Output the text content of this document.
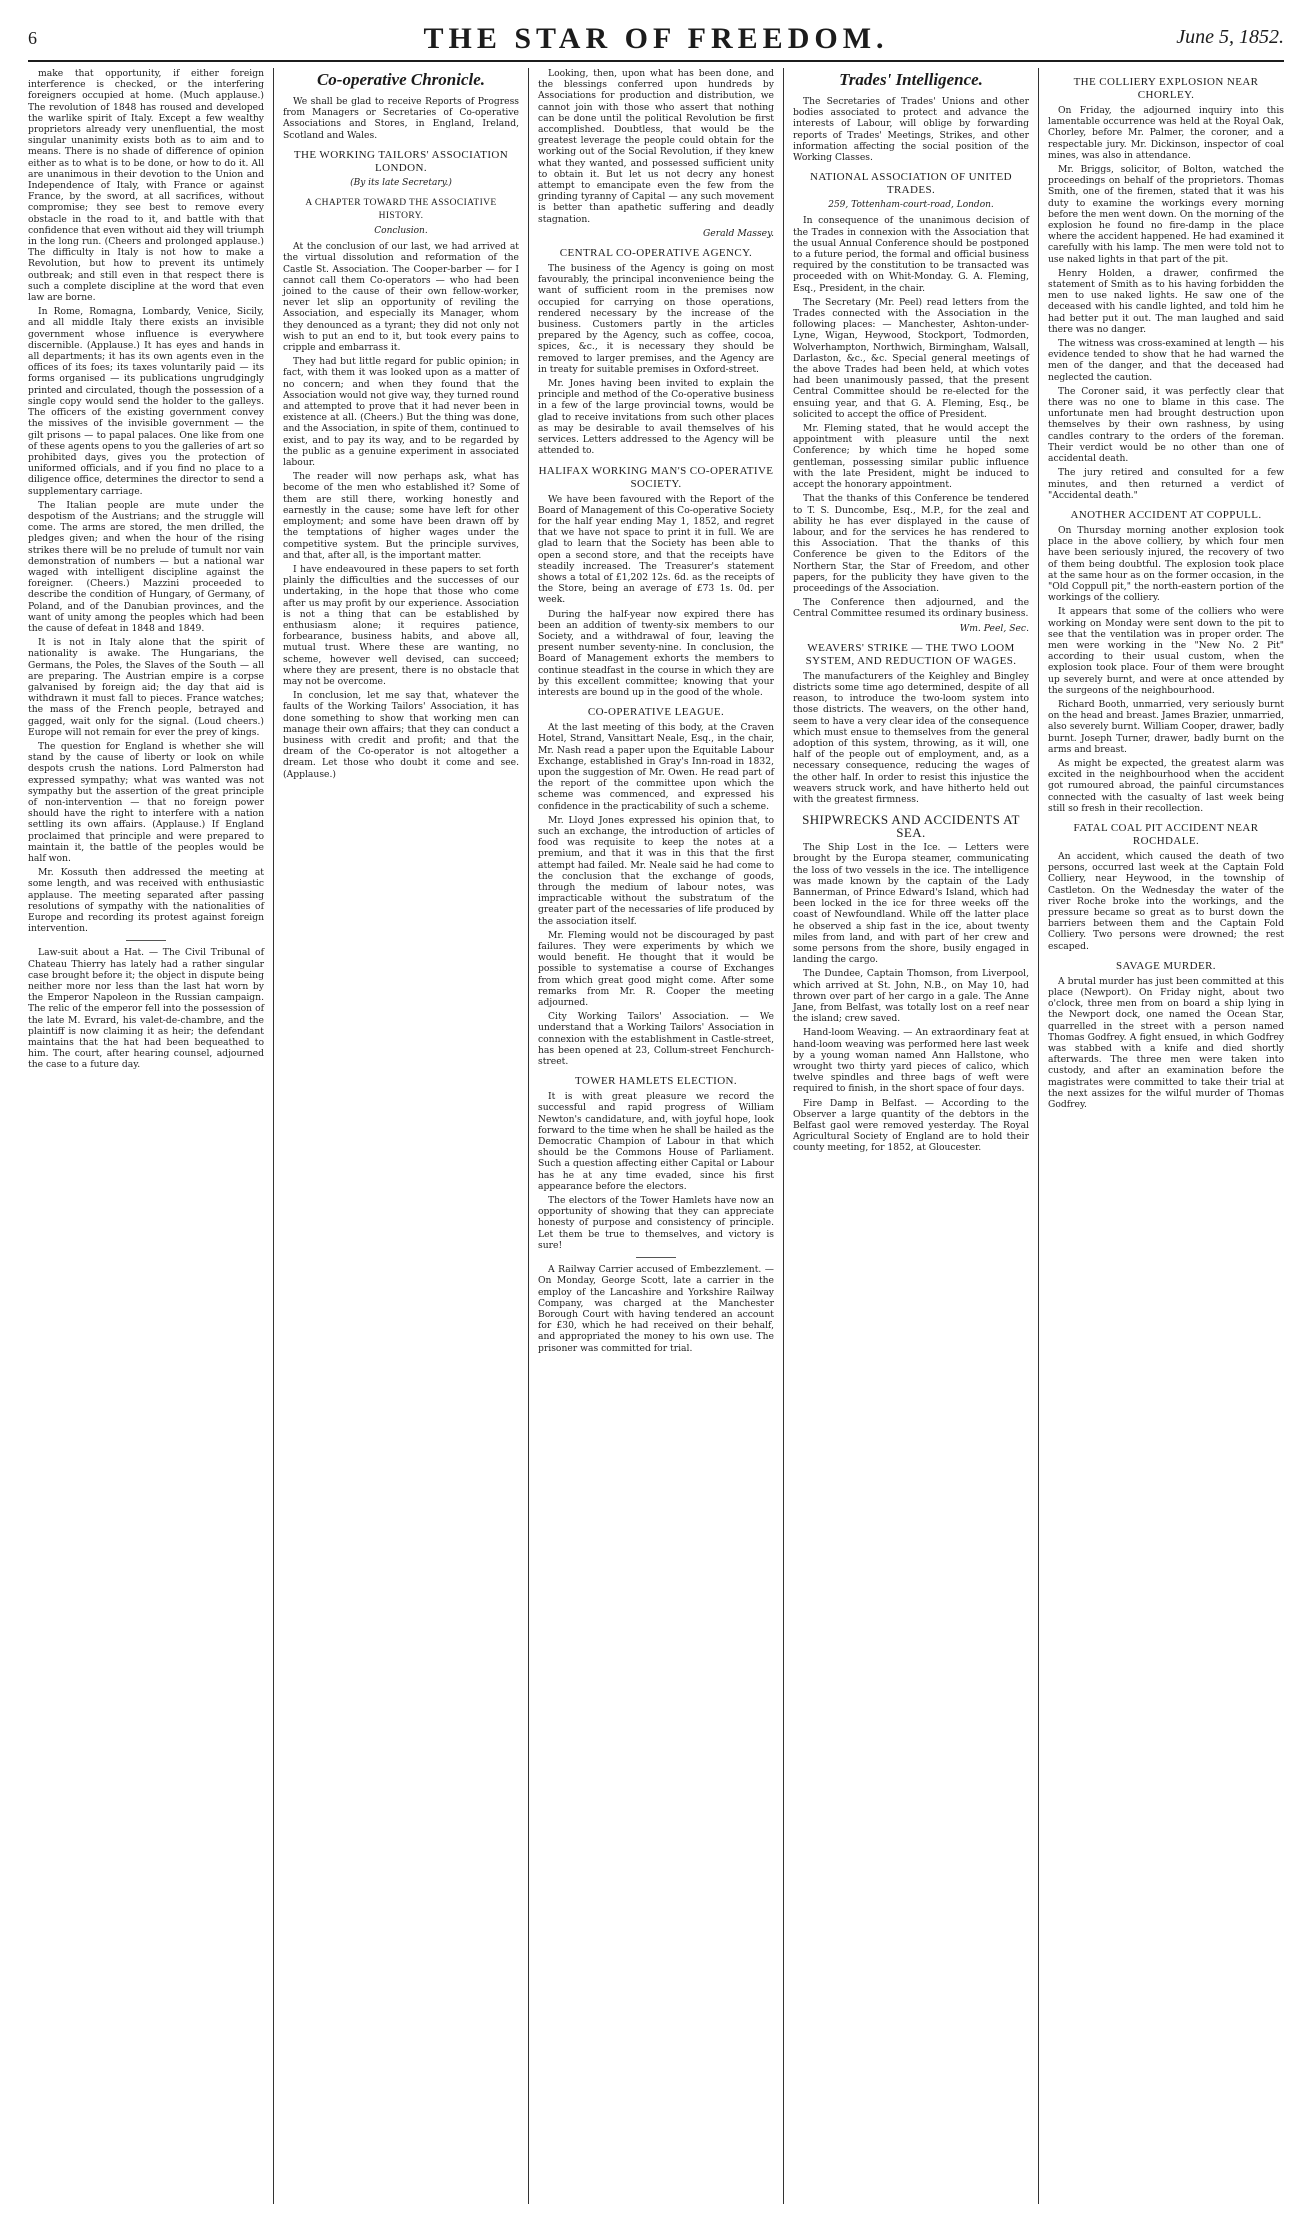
6	THE STAR OF FREEDOM.	June 5, 1852.

make that opportunity, if either foreign interference is checked, or the interfering foreigners occupied at home. (Much applause.) The revolution of 1848 has roused and developed the warlike spirit of Italy. Except a few wealthy proprietors already very unenfluential, the most singular unanimity exists both as to aim and to means. There is no shade of difference of opinion either as to what is to be done, or how to do it. All are unanimous in their devotion to the Union and Independence of Italy, with France or against France, by the sword, at all sacrifices, without compromise; they see best to remove every obstacle in the road to it, and battle with that confidence that even without aid they will triumph in the long run. (Cheers and prolonged applause.) The difficulty in Italy is not how to make a Revolution, but how to prevent its untimely outbreak; and still even in that respect there is such a complete discipline at the word that even law are borne.

In Rome, Romagna, Lombardy, Venice, Sicily, and all middle Italy there exists an invisible government whose influence is everywhere discernible. (Applause.) It has eyes and hands in all departments; it has its own agents even in the offices of its foes; its taxes voluntarily paid — its forms organised — its publications ungrudgingly printed and circulated, though the possession of a single copy would send the holder to the galleys. The officers of the existing government convey the missives of the invisible government — the gilt prisons — to papal palaces. One like from one of these agents opens to you the galleries of art so prohibited days, gives you the protection of uniformed officials, and if you find no place to a diligence office, determines the director to send a supplementary carriage.

The Italian people are mute under the despotism of the Austrians; and the struggle will come. The arms are stored, the men drilled, the pledges given; and when the hour of the rising strikes there will be no prelude of tumult nor vain demonstration of numbers — but a national war waged with intelligent discipline against the foreigner. (Cheers.) Mazzini proceeded to describe the condition of Hungary, of Germany, of Poland, and of the Danubian provinces, and the want of unity among the peoples which had been the cause of defeat in 1848 and 1849.

It is not in Italy alone that the spirit of nationality is awake. The Hungarians, the Germans, the Poles, the Slaves of the South — all are preparing. The Austrian empire is a corpse galvanised by foreign aid; the day that aid is withdrawn it must fall to pieces. France watches; the mass of the French people, betrayed and gagged, wait only for the signal. (Loud cheers.) Europe will not remain for ever the prey of kings.

The question for England is whether she will stand by the cause of liberty or look on while despots crush the nations. Lord Palmerston had expressed sympathy; what was wanted was not sympathy but the assertion of the great principle of non-intervention — that no foreign power should have the right to interfere with a nation settling its own affairs. (Applause.) If England proclaimed that principle and were prepared to maintain it, the battle of the peoples would be half won.

Mr. Kossuth then addressed the meeting at some length, and was received with enthusiastic applause. The meeting separated after passing resolutions of sympathy with the nationalities of Europe and recording its protest against foreign intervention.

Law-suit about a Hat. — The Civil Tribunal of Chateau Thierry has lately had a rather singular case brought before it; the object in dispute being neither more nor less than the last hat worn by the Emperor Napoleon in the Russian campaign. The relic of the emperor fell into the possession of the late M. Evrard, his valet-de-chambre, and the plaintiff is now claiming it as heir; the defendant maintains that the hat had been bequeathed to him. The court, after hearing counsel, adjourned the case to a future day.

Co-operative Chronicle.

We shall be glad to receive Reports of Progress from Managers or Secretaries of Co-operative Associations and Stores, in England, Ireland, Scotland and Wales.

THE WORKING TAILORS' ASSOCIATION LONDON.
(By its late Secretary.)
A CHAPTER TOWARD THE ASSOCIATIVE HISTORY.
Conclusion.

At the conclusion of our last, we had arrived at the virtual dissolution and reformation of the Castle St. Association. The Cooper-barber — for I cannot call them Co-operators — who had been joined to the cause of their own fellow-worker, never let slip an opportunity of reviling the Association, and especially its Manager, whom they denounced as a tyrant; they did not only not wish to put an end to it, but took every pains to cripple and embarrass it.

They had but little regard for public opinion; in fact, with them it was looked upon as a matter of no concern; and when they found that the Association would not give way, they turned round and attempted to prove that it had never been in existence at all. (Cheers.) But the thing was done, and the Association, in spite of them, continued to exist, and to pay its way, and to be regarded by the public as a genuine experiment in associated labour.

The reader will now perhaps ask, what has become of the men who established it? Some of them are still there, working honestly and earnestly in the cause; some have left for other employment; and some have been drawn off by the temptations of higher wages under the competitive system. But the principle survives, and that, after all, is the important matter.

I have endeavoured in these papers to set forth plainly the difficulties and the successes of our undertaking, in the hope that those who come after us may profit by our experience. Association is not a thing that can be established by enthusiasm alone; it requires patience, forbearance, business habits, and above all, mutual trust. Where these are wanting, no scheme, however well devised, can succeed; where they are present, there is no obstacle that may not be overcome.

In conclusion, let me say that, whatever the faults of the Working Tailors' Association, it has done something to show that working men can manage their own affairs; that they can conduct a business with credit and profit; and that the dream of the Co-operator is not altogether a dream. Let those who doubt it come and see. (Applause.)

Looking, then, upon what has been done, and the blessings conferred upon hundreds by Associations for production and distribution, we cannot join with those who assert that nothing can be done until the political Revolution be first accomplished. Doubtless, that would be the greatest leverage the people could obtain for the working out of the Social Revolution, if they knew what they wanted, and possessed sufficient unity to obtain it. But let us not decry any honest attempt to emancipate even the few from the grinding tyranny of Capital — any such movement is better than apathetic suffering and deadly stagnation.

Gerald Massey.
CENTRAL CO-OPERATIVE AGENCY.

The business of the Agency is going on most favourably, the principal inconvenience being the want of sufficient room in the premises now occupied for carrying on those operations, rendered necessary by the increase of the business. Customers partly in the articles prepared by the Agency, such as coffee, cocoa, spices, &c., it is necessary they should be removed to larger premises, and the Agency are in treaty for suitable premises in Oxford-street.

Mr. Jones having been invited to explain the principle and method of the Co-operative business in a few of the large provincial towns, would be glad to receive invitations from such other places as may be desirable to avail themselves of his services. Letters addressed to the Agency will be attended to.

HALIFAX WORKING MAN'S CO-OPERATIVE SOCIETY.

We have been favoured with the Report of the Board of Management of this Co-operative Society for the half year ending May 1, 1852, and regret that we have not space to print it in full. We are glad to learn that the Society has been able to open a second store, and that the receipts have steadily increased. The Treasurer's statement shows a total of £1,202 12s. 6d. as the receipts of the Store, being an average of £73 1s. 0d. per week.

During the half-year now expired there has been an addition of twenty-six members to our Society, and a withdrawal of four, leaving the present number seventy-nine. In conclusion, the Board of Management exhorts the members to continue steadfast in the course in which they are by this excellent committee; knowing that your interests are bound up in the good of the whole.

CO-OPERATIVE LEAGUE.

At the last meeting of this body, at the Craven Hotel, Strand, Vansittart Neale, Esq., in the chair, Mr. Nash read a paper upon the Equitable Labour Exchange, established in Gray's Inn-road in 1832, upon the suggestion of Mr. Owen. He read part of the report of the committee upon which the scheme was commenced, and expressed his confidence in the practicability of such a scheme.

Mr. Lloyd Jones expressed his opinion that, to such an exchange, the introduction of articles of food was requisite to keep the notes at a premium, and that it was in this that the first attempt had failed. Mr. Neale said he had come to the conclusion that the exchange of goods, through the medium of labour notes, was impracticable without the substratum of the greater part of the necessaries of life produced by the association itself.

Mr. Fleming would not be discouraged by past failures. They were experiments by which we would benefit. He thought that it would be possible to systematise a course of Exchanges from which great good might come. After some remarks from Mr. R. Cooper the meeting adjourned.

City Working Tailors' Association. — We understand that a Working Tailors' Association in connexion with the establishment in Castle-street, has been opened at 23, Collum-street Fenchurch-street.

TOWER HAMLETS ELECTION.

It is with great pleasure we record the successful and rapid progress of William Newton's candidature, and, with joyful hope, look forward to the time when he shall be hailed as the Democratic Champion of Labour in that which should be the Commons House of Parliament. Such a question affecting either Capital or Labour has he at any time evaded, since his first appearance before the electors.

The electors of the Tower Hamlets have now an opportunity of showing that they can appreciate honesty of purpose and consistency of principle. Let them be true to themselves, and victory is sure!

A Railway Carrier accused of Embezzlement. — On Monday, George Scott, late a carrier in the employ of the Lancashire and Yorkshire Railway Company, was charged at the Manchester Borough Court with having tendered an account for £30, which he had received on their behalf, and appropriated the money to his own use. The prisoner was committed for trial.

Trades' Intelligence.

The Secretaries of Trades' Unions and other bodies associated to protect and advance the interests of Labour, will oblige by forwarding reports of Trades' Meetings, Strikes, and other information affecting the social position of the Working Classes.

NATIONAL ASSOCIATION OF UNITED TRADES.
259, Tottenham-court-road, London.

In consequence of the unanimous decision of the Trades in connexion with the Association that the usual Annual Conference should be postponed to a future period, the formal and official business required by the constitution to be transacted was proceeded with on Whit-Monday. G. A. Fleming, Esq., President, in the chair.

The Secretary (Mr. Peel) read letters from the Trades connected with the Association in the following places: — Manchester, Ashton-under-Lyne, Wigan, Heywood, Stockport, Todmorden, Wolverhampton, Northwich, Birmingham, Walsall, Darlaston, &c., &c. Special general meetings of the above Trades had been held, at which votes had been unanimously passed, that the present Central Committee should be re-elected for the ensuing year, and that G. A. Fleming, Esq., be solicited to accept the office of President.

Mr. Fleming stated, that he would accept the appointment with pleasure until the next Conference; by which time he hoped some gentleman, possessing similar public influence with the late President, might be induced to accept the honorary appointment.

That the thanks of this Conference be tendered to T. S. Duncombe, Esq., M.P., for the zeal and ability he has ever displayed in the cause of labour, and for the services he has rendered to this Association. That the thanks of this Conference be given to the Editors of the Northern Star, the Star of Freedom, and other papers, for the publicity they have given to the proceedings of the Association.

The Conference then adjourned, and the Central Committee resumed its ordinary business.

Wm. Peel, Sec.
WEAVERS' STRIKE — THE TWO LOOM SYSTEM, AND REDUCTION OF WAGES.

The manufacturers of the Keighley and Bingley districts some time ago determined, despite of all reason, to introduce the two-loom system into those districts. The weavers, on the other hand, seem to have a very clear idea of the consequence which must ensue to themselves from the general adoption of this system, throwing, as it will, one half of the people out of employment, and, as a necessary consequence, reducing the wages of the other half. In order to resist this injustice the weavers struck work, and have hitherto held out with the greatest firmness.

SHIPWRECKS AND ACCIDENTS AT SEA.

The Ship Lost in the Ice. — Letters were brought by the Europa steamer, communicating the loss of two vessels in the ice. The intelligence was made known by the captain of the Lady Bannerman, of Prince Edward's Island, which had been locked in the ice for three weeks off the coast of Newfoundland. While off the latter place he observed a ship fast in the ice, about twenty miles from land, and with part of her crew and some persons from the shore, busily engaged in landing the cargo.

The Dundee, Captain Thomson, from Liverpool, which arrived at St. John, N.B., on May 10, had thrown over part of her cargo in a gale. The Anne Jane, from Belfast, was totally lost on a reef near the island; crew saved.

Hand-loom Weaving. — An extraordinary feat at hand-loom weaving was performed here last week by a young woman named Ann Hallstone, who wrought two thirty yard pieces of calico, which twelve spindles and three bags of weft were required to finish, in the short space of four days.

Fire Damp in Belfast. — According to the Observer a large quantity of the debtors in the Belfast gaol were removed yesterday. The Royal Agricultural Society of England are to hold their county meeting, for 1852, at Gloucester.

THE COLLIERY EXPLOSION NEAR CHORLEY.

On Friday, the adjourned inquiry into this lamentable occurrence was held at the Royal Oak, Chorley, before Mr. Palmer, the coroner, and a respectable jury. Mr. Dickinson, inspector of coal mines, was also in attendance.

Mr. Briggs, solicitor, of Bolton, watched the proceedings on behalf of the proprietors. Thomas Smith, one of the firemen, stated that it was his duty to examine the workings every morning before the men went down. On the morning of the explosion he found no fire-damp in the place where the accident happened. He had examined it carefully with his lamp. The men were told not to use naked lights in that part of the pit.

Henry Holden, a drawer, confirmed the statement of Smith as to his having forbidden the men to use naked lights. He saw one of the deceased with his candle lighted, and told him he had better put it out. The man laughed and said there was no danger.

The witness was cross-examined at length — his evidence tended to show that he had warned the men of the danger, and that the deceased had neglected the caution.

The Coroner said, it was perfectly clear that there was no one to blame in this case. The unfortunate men had brought destruction upon themselves by their own rashness, by using candles contrary to the orders of the foreman. Their verdict would be no other than one of accidental death.

The jury retired and consulted for a few minutes, and then returned a verdict of "Accidental death."

ANOTHER ACCIDENT AT COPPULL.

On Thursday morning another explosion took place in the above colliery, by which four men have been seriously injured, the recovery of two of them being doubtful. The explosion took place at the same hour as on the former occasion, in the "Old Coppull pit," the north-eastern portion of the workings of the colliery.

It appears that some of the colliers who were working on Monday were sent down to the pit to see that the ventilation was in proper order. The men were working in the "New No. 2 Pit" according to their usual custom, when the explosion took place. Four of them were brought up severely burnt, and were at once attended by the surgeons of the neighbourhood.

Richard Booth, unmarried, very seriously burnt on the head and breast. James Brazier, unmarried, also severely burnt. William Cooper, drawer, badly burnt. Joseph Turner, drawer, badly burnt on the arms and breast.

As might be expected, the greatest alarm was excited in the neighbourhood when the accident got rumoured abroad, the painful circumstances connected with the casualty of last week being still so fresh in their recollection.

FATAL COAL PIT ACCIDENT NEAR ROCHDALE.

An accident, which caused the death of two persons, occurred last week at the Captain Fold Colliery, near Heywood, in the township of Castleton. On the Wednesday the water of the river Roche broke into the workings, and the pressure became so great as to burst down the barriers between them and the Captain Fold Colliery. Two persons were drowned; the rest escaped.

SAVAGE MURDER.

A brutal murder has just been committed at this place (Newport). On Friday night, about two o'clock, three men from on board a ship lying in the Newport dock, one named the Ocean Star, quarrelled in the street with a person named Thomas Godfrey. A fight ensued, in which Godfrey was stabbed with a knife and died shortly afterwards. The three men were taken into custody, and after an examination before the magistrates were committed to take their trial at the next assizes for the wilful murder of Thomas Godfrey.
